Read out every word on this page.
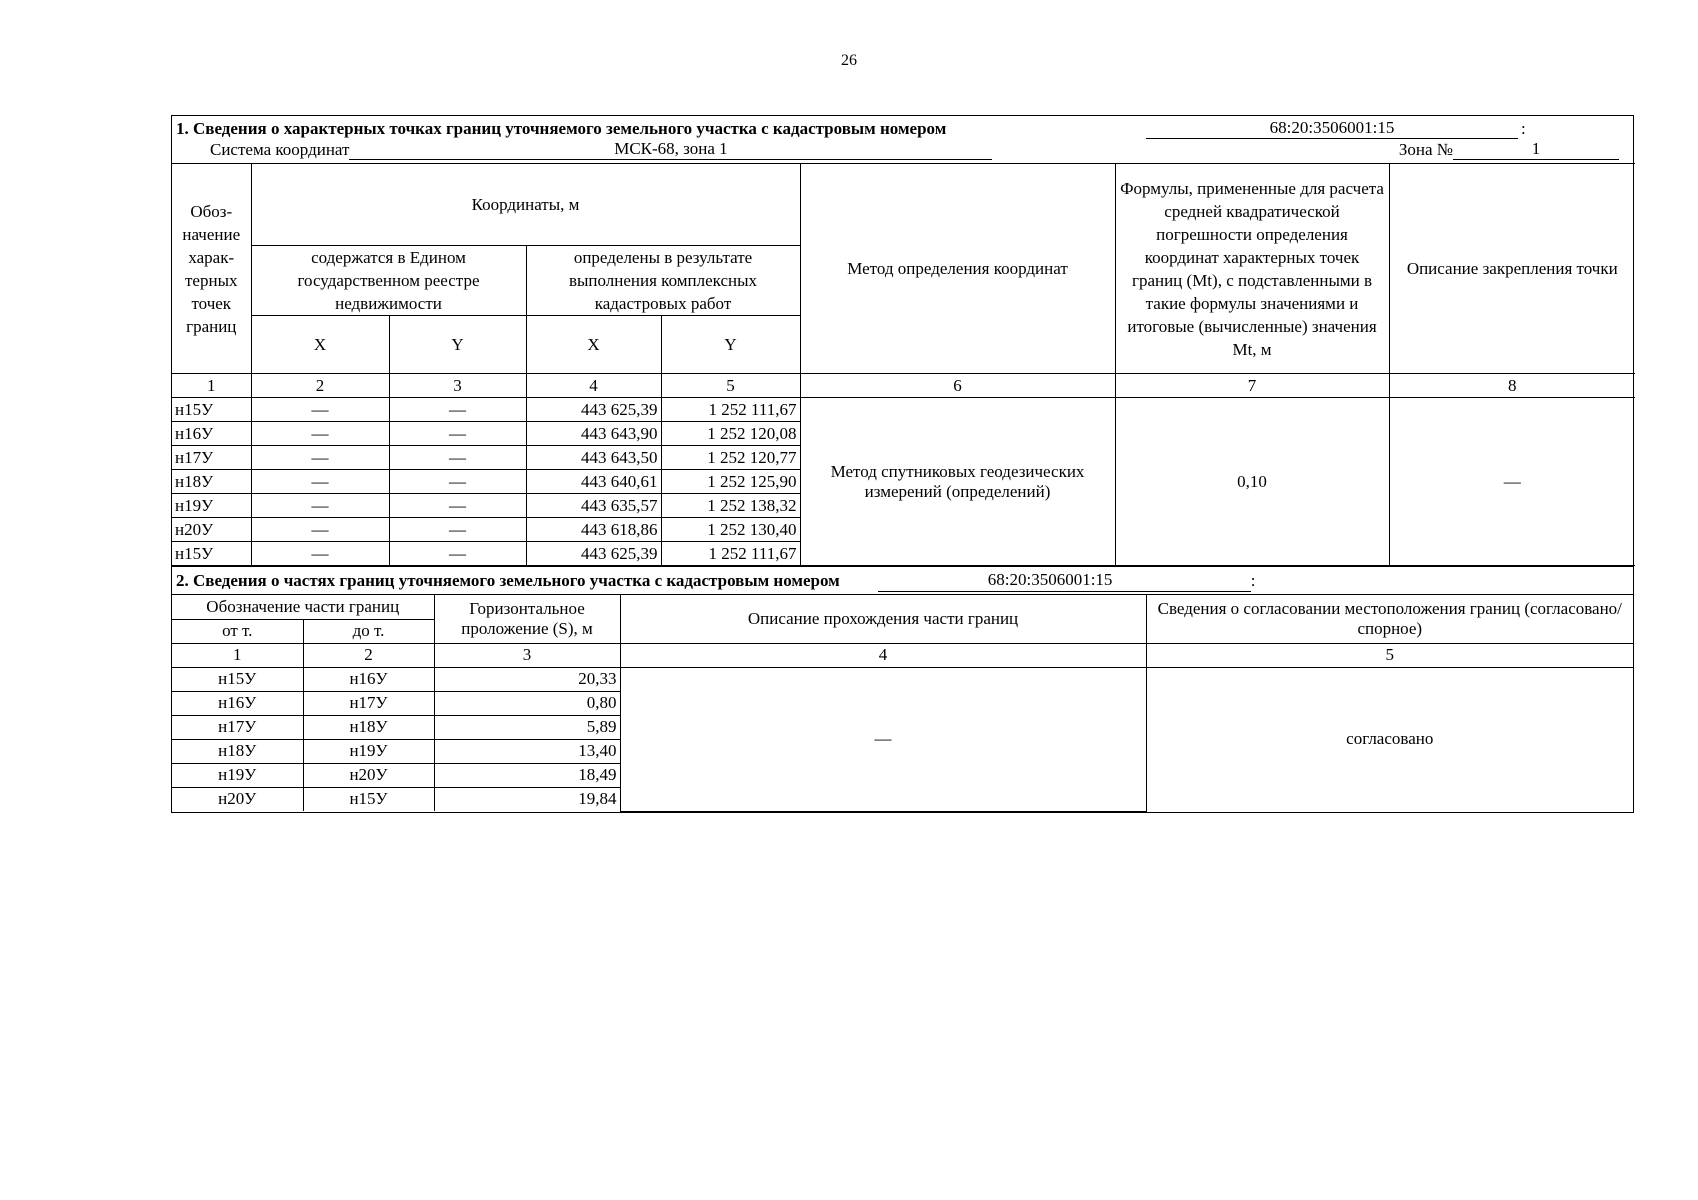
26
1. Сведения о характерных точках границ уточняемого земельного участка с кадастровым номером	68:20:3506001:15	:
Система координат	МСК-68, зона 1	Зона №	1
Обоз-начение харак-терных точек границ	Координаты, м				Метод определения координат	Формулы, примененные для расчета средней квадратической погрешности определения координат характерных точек границ (Mt), с подставленными в такие формулы значениями и итоговые (вычисленные) значения Mt, м	Описание закрепления точки
	содержатся в Едином государственном реестре недвижимости		определены в результате выполнения комплексных кадастровых работ				
	X	Y	X	Y			
1	2	3	4	5	6	7	8
н15У	—	—	443 625,39	1 252 111,67	Метод спутниковых геодезических измерений (определений)	0,10	—
н16У	—	—	443 643,90	1 252 120,08			
н17У	—	—	443 643,50	1 252 120,77			
н18У	—	—	443 640,61	1 252 125,90			
н19У	—	—	443 635,57	1 252 138,32			
н20У	—	—	443 618,86	1 252 130,40			
н15У	—	—	443 625,39	1 252 111,67			
2. Сведения о частях границ уточняемого земельного участка с кадастровым номером	68:20:3506001:15	:
Обозначение части границ		Горизонтальное проложение (S), м	Описание прохождения части границ	Сведения о согласовании местоположения границ (согласовано/спорное)
от т.	до т.			
1	2	3	4	5
н15У	н16У	20,33	—	согласовано
н16У	н17У	0,80		
н17У	н18У	5,89		
н18У	н19У	13,40		
н19У	н20У	18,49		
н20У	н15У	19,84		
